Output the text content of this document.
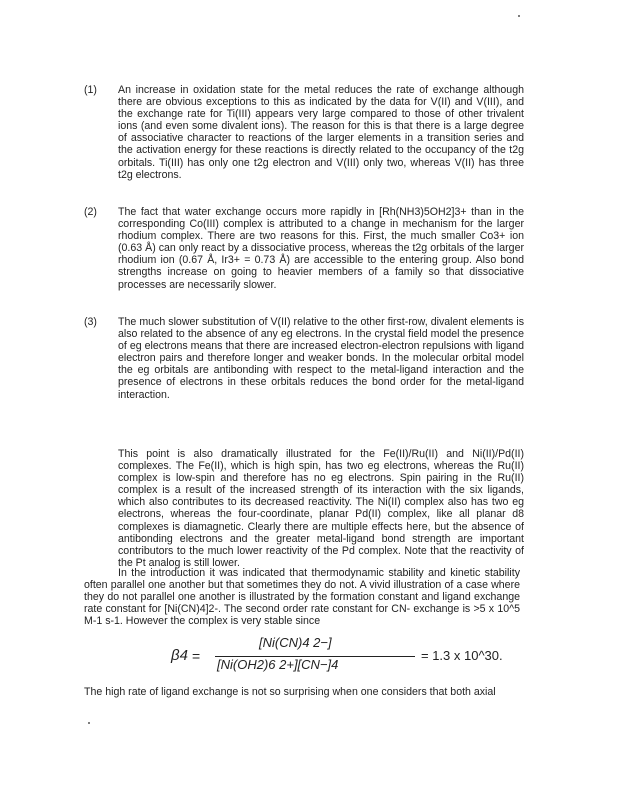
(1) An increase in oxidation state for the metal reduces the rate of exchange although there are obvious exceptions to this as indicated by the data for V(II) and V(III), and the exchange rate for Ti(III) appears very large compared to those of other trivalent ions (and even some divalent ions). The reason for this is that there is a large degree of associative character to reactions of the larger elements in a transition series and the activation energy for these reactions is directly related to the occupancy of the t2g orbitals. Ti(III) has only one t2g electron and V(III) only two, whereas V(II) has three t2g electrons.
(2) The fact that water exchange occurs more rapidly in [Rh(NH3)5OH2]3+ than in the corresponding Co(III) complex is attributed to a change in mechanism for the larger rhodium complex. There are two reasons for this. First, the much smaller Co3+ ion (0.63 Å) can only react by a dissociative process, whereas the t2g orbitals of the larger rhodium ion (0.67 Å, Ir3+ = 0.73 Å) are accessible to the entering group. Also bond strengths increase on going to heavier members of a family so that dissociative processes are necessarily slower.
(3) The much slower substitution of V(II) relative to the other first-row, divalent elements is also related to the absence of any eg electrons. In the crystal field model the presence of eg electrons means that there are increased electron-electron repulsions with ligand electron pairs and therefore longer and weaker bonds. In the molecular orbital model the eg orbitals are antibonding with respect to the metal-ligand interaction and the presence of electrons in these orbitals reduces the bond order for the metal-ligand interaction.
This point is also dramatically illustrated for the Fe(II)/Ru(II) and Ni(II)/Pd(II) complexes. The Fe(II), which is high spin, has two eg electrons, whereas the Ru(II) complex is low-spin and therefore has no eg electrons. Spin pairing in the Ru(II) complex is a result of the increased strength of its interaction with the six ligands, which also contributes to its decreased reactivity. The Ni(II) complex also has two eg electrons, whereas the four-coordinate, planar Pd(II) complex, like all planar d8 complexes is diamagnetic. Clearly there are multiple effects here, but the absence of antibonding electrons and the greater metal-ligand bond strength are important contributors to the much lower reactivity of the Pd complex. Note that the reactivity of the Pt analog is still lower.
In the introduction it was indicated that thermodynamic stability and kinetic stability often parallel one another but that sometimes they do not. A vivid illustration of a case where they do not parallel one another is illustrated by the formation constant and ligand exchange rate constant for [Ni(CN)4]2-. The second order rate constant for CN- exchange is >5 x 10^5 M-1 s-1. However the complex is very stable since
β4 =
[Ni(CN)4 2−]
[Ni(OH2)6 2+][CN−]4
= 1.3 x 10^30.
The high rate of ligand exchange is not so surprising when one considers that both axial
